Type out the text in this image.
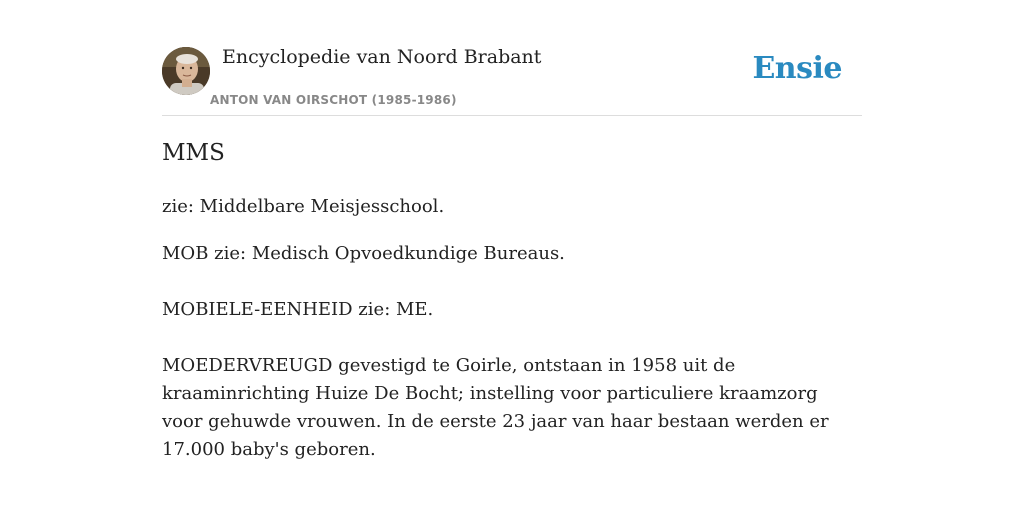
Encyclopedie van Noord Brabant
ANTON VAN OIRSCHOT (1985-1986)
Ensie
MMS

zie: Middelbare Meisjesschool.

MOB zie: Medisch Opvoedkundige Bureaus.

MOBIELE-EENHEID zie: ME.

MOEDERVREUGD gevestigd te Goirle, ontstaan in 1958 uit de kraaminrichting Huize De Bocht; instelling voor particuliere kraamzorg voor gehuwde vrouwen. In de eerste 23 jaar van haar bestaan werden er 17.000 baby's geboren.
